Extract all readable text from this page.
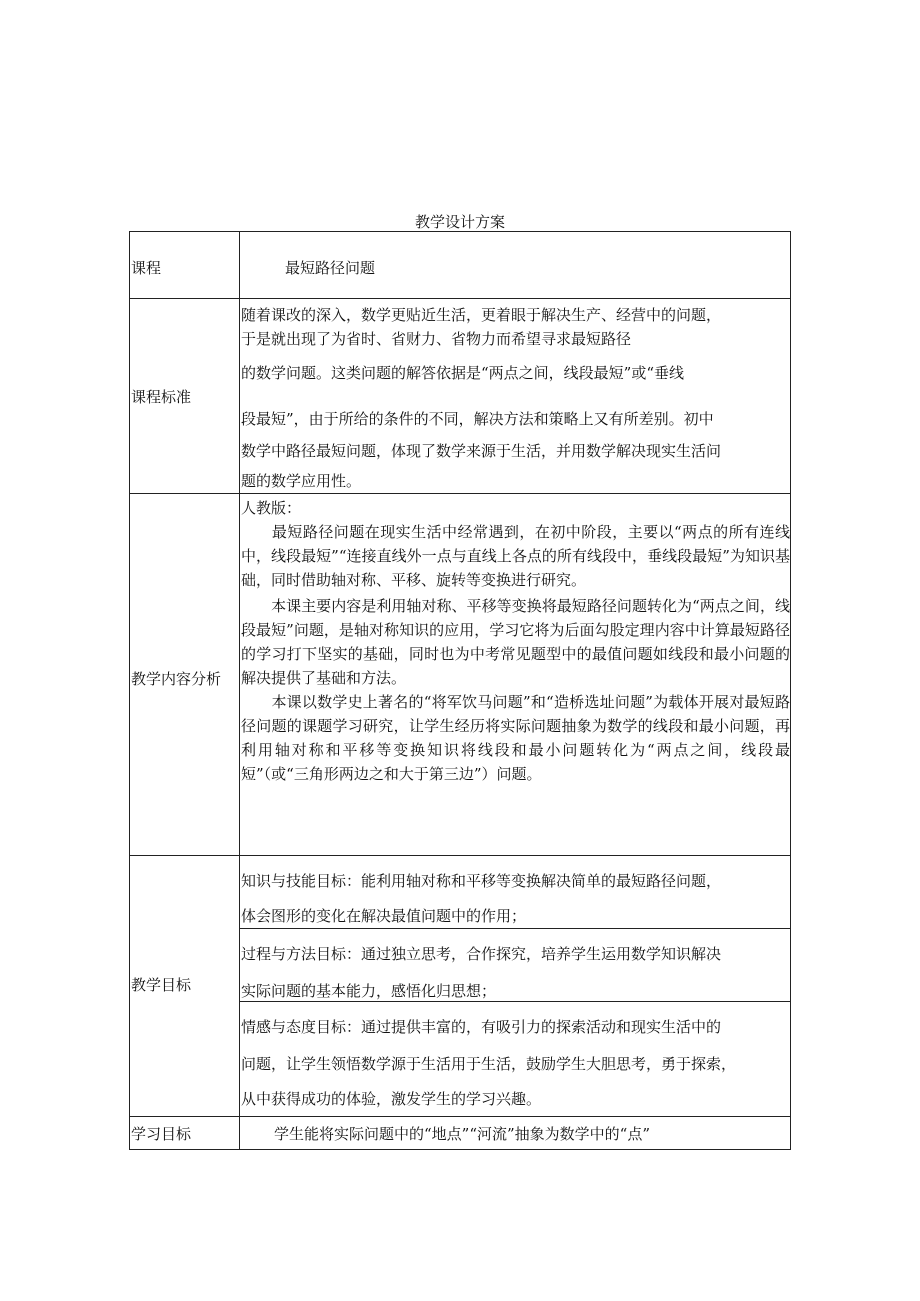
教学设计方案
课程	最短路径问题
课程标准
随着课改的深入，数学更贴近生活，更着眼于解决生产、经营中的问题，
于是就出现了为省时、省财力、省物力而希望寻求最短路径
的数学问题。这类问题的解答依据是“两点之间，线段最短”或“垂线
段最短”，由于所给的条件的不同，解决方法和策略上又有所差别。初中
数学中路径最短问题，体现了数学来源于生活，并用数学解决现实生活问
题的数学应用性。
教学内容分析
人教版：

　　最短路径问题在现实生活中经常遇到，在初中阶段，主要以“两点的所有连线中，线段最短”“连接直线外一点与直线上各点的所有线段中，垂线段最短”为知识基础，同时借助轴对称、平移、旋转等变换进行研究。

　　本课主要内容是利用轴对称、平移等变换将最短路径问题转化为“两点之间，线段最短”问题，是轴对称知识的应用，学习它将为后面勾股定理内容中计算最短路径的学习打下坚实的基础，同时也为中考常见题型中的最值问题如线段和最小问题的解决提供了基础和方法。

　　本课以数学史上著名的“将军饮马问题”和“造桥选址问题”为载体开展对最短路径问题的课题学习研究，让学生经历将实际问题抽象为数学的线段和最小问题，再利用轴对称和平移等变换知识将线段和最小问题转化为“两点之间，线段最短”（或“三角形两边之和大于第三边”）问题。

教学目标
知识与技能目标：能利用轴对称和平移等变换解决简单的最短路径问题，
体会图形的变化在解决最值问题中的作用；
过程与方法目标：通过独立思考，合作探究，培养学生运用数学知识解决
实际问题的基本能力，感悟化归思想；
情感与态度目标：通过提供丰富的，有吸引力的探索活动和现实生活中的
问题，让学生领悟数学源于生活用于生活，鼓励学生大胆思考，勇于探索，
从中获得成功的体验，激发学生的学习兴趣。
学习目标	学生能将实际问题中的“地点”“河流”抽象为数学中的“点”
